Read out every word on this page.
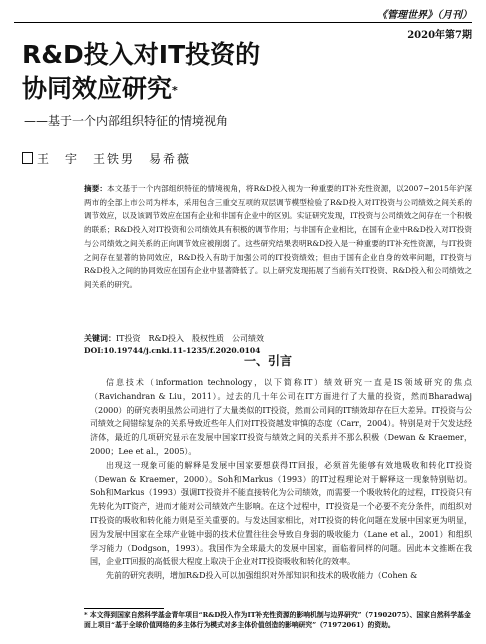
《管理世界》（月刊）
2020年第7期
R&D投入对IT投资的
协同效应研究*
——基于一个内部组织特征的情境视角
王　宇　王铁男　易希薇
摘要：本文基于一个内部组织特征的情境视角，将R&D投入视为一种重要的IT补充性资源，以2007~2015年沪深两市的全部上市公司为样本，采用包含三重交互项的双层调节模型检验了R&D投入对IT投资与公司绩效之间关系的调节效应，以及该调节效应在国有企业和非国有企业中的区别。实证研究发现，IT投资与公司绩效之间存在一个积极的联系；R&D投入对IT投资和公司绩效具有积极的调节作用；与非国有企业相比，在国有企业中R&D投入对IT投资与公司绩效之间关系的正向调节效应被削弱了。这些研究结果表明R&D投入是一种重要的IT补充性资源，与IT投资之间存在显著的协同效应，R&D投入有助于加强公司的IT投资绩效；但由于国有企业自身的效率问题，IT投资与R&D投入之间的协同效应在国有企业中显著降低了。以上研究发现拓展了当前有关IT投资、R&D投入和公司绩效之间关系的研究。
关键词：IT投资　R&D投入　股权性质　公司绩效
DOI:10.19744/j.cnki.11-1235/f.2020.0104
一、引言

信息技术（information technology，以下简称IT）绩效研究一直是IS领域研究的焦点（Ravichandran & Liu，2011）。过去的几十年公司在IT方面进行了大量的投资，然而Bharadwaj（2000）的研究表明虽然公司进行了大量类似的IT投资，然而公司间的IT绩效却存在巨大差异。IT投资与公司绩效之间错综复杂的关系导致近些年人们对IT投资越发审慎的态度（Carr，2004）。特别是对于欠发达经济体，最近的几项研究显示在发展中国家IT投资与绩效之间的关系并不那么积极（Dewan & Kraemer，2000；Lee et al.，2005）。

出现这一现象可能的解释是发展中国家要想获得IT回报，必须首先能够有效地吸收和转化IT投资（Dewan & Kraemer，2000）。Soh和Markus（1993）的IT过程理论对于解释这一现象特别贴切。Soh和Markus（1993）强调IT投资并不能直接转化为公司绩效，而需要一个吸收转化的过程，IT投资只有先转化为IT资产，进而才能对公司绩效产生影响。在这个过程中，IT投资是一个必要不充分条件，而组织对IT投资的吸收和转化能力则是至关重要的。与发达国家相比，对IT投资的转化问题在发展中国家更为明显，因为发展中国家在全球产业链中弱的技术位置往往会导致自身弱的吸收能力（Lane et al.，2001）和组织学习能力（Dodgson，1993）。我国作为全球最大的发展中国家，面临着同样的问题。因此本文推断在我国，企业IT回报的高低很大程度上取决于企业对IT投资吸收和转化的效率。

先前的研究表明，增加R&D投入可以加强组织对外部知识和技术的吸收能力（Cohen &

* 本文得到国家自然科学基金青年项目“R&D投入作为IT补充性资源的影响机制与边界研究”（71902075）、国家自然科学基金面上项目“基于全球价值网络的多主体行为模式对多主体价值创造的影响研究”（71972061）的资助。
